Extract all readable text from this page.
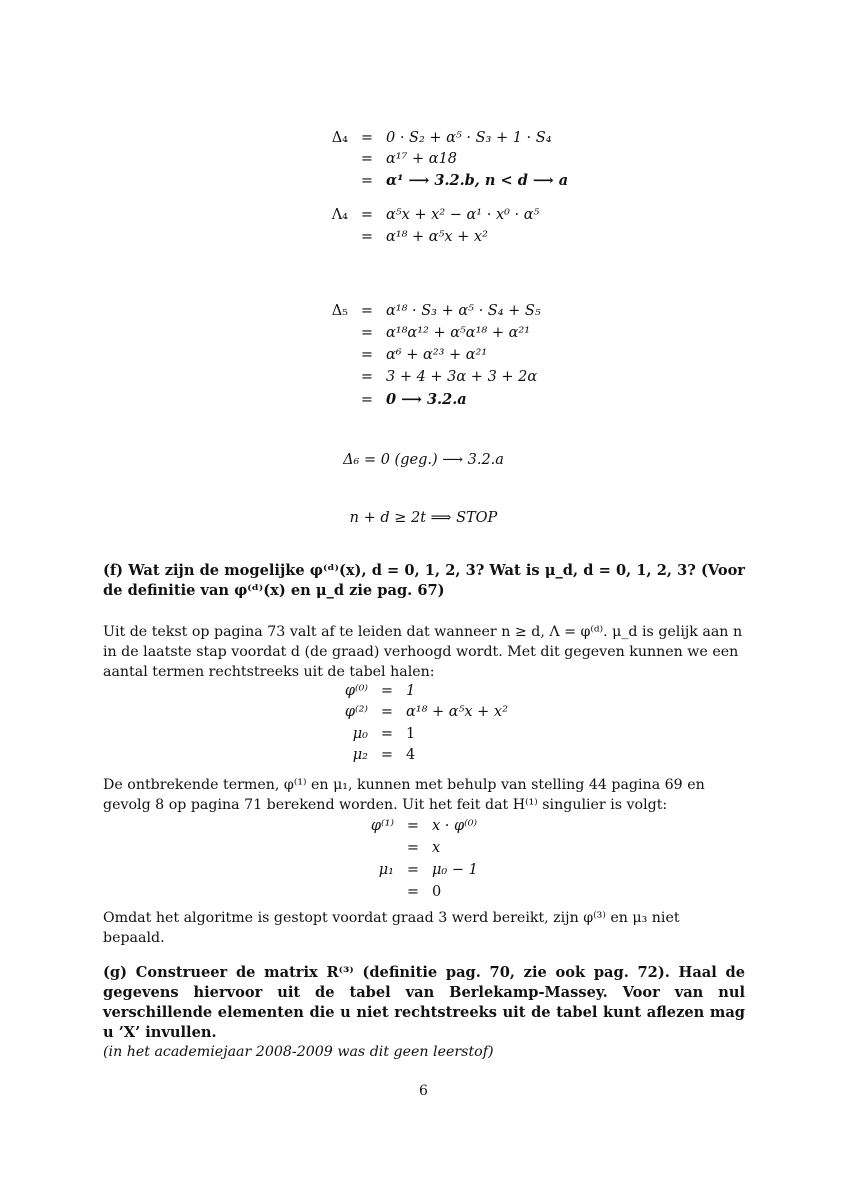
Δ₄ = 0 · S₂ + α⁵ · S₃ + 1 · S₄
= α¹⁷ + α18
= α¹ ⟶ 3.2.b, n < d ⟶ a
Λ₄ = α⁵x + x² − α¹ · x⁰ · α⁵
= α¹⁸ + α⁵x + x²
Δ₅ = α¹⁸ · S₃ + α⁵ · S₄ + S₅
= α¹⁸α¹² + α⁵α¹⁸ + α²¹
= α⁶ + α²³ + α²¹
= 3 + 4 + 3α + 3 + 2α
= 0 ⟶ 3.2.a
Δ₆ = 0 (geg.) ⟶ 3.2.a
n + d ≥ 2t ⟹ STOP
(f) Wat zijn de mogelijke φ⁽ᵈ⁾(x), d = 0, 1, 2, 3? Wat is μ_d, d = 0, 1, 2, 3? (Voor de definitie van φ⁽ᵈ⁾(x) en μ_d zie pag. 67)
Uit de tekst op pagina 73 valt af te leiden dat wanneer n ≥ d, Λ = φ⁽ᵈ⁾. μ_d is gelijk aan n in de laatste stap voordat d (de graad) verhoogd wordt. Met dit gegeven kunnen we een aantal termen rechtstreeks uit de tabel halen:
φ⁽⁰⁾ = 1
φ⁽²⁾ = α¹⁸ + α⁵x + x²
μ₀ = 1
μ₂ = 4
De ontbrekende termen, φ⁽¹⁾ en μ₁, kunnen met behulp van stelling 44 pagina 69 en gevolg 8 op pagina 71 berekend worden. Uit het feit dat H⁽¹⁾ singulier is volgt:
φ⁽¹⁾ = x · φ⁽⁰⁾
= x
μ₁ = μ₀ − 1
= 0
Omdat het algoritme is gestopt voordat graad 3 werd bereikt, zijn φ⁽³⁾ en μ₃ niet bepaald.
(g) Construeer de matrix R⁽³⁾ (definitie pag. 70, zie ook pag. 72). Haal de gegevens hiervoor uit de tabel van Berlekamp-Massey. Voor van nul verschillende elementen die u niet rechtstreeks uit de tabel kunt aflezen mag u ’X’ invullen.
(in het academiejaar 2008-2009 was dit geen leerstof)
6
